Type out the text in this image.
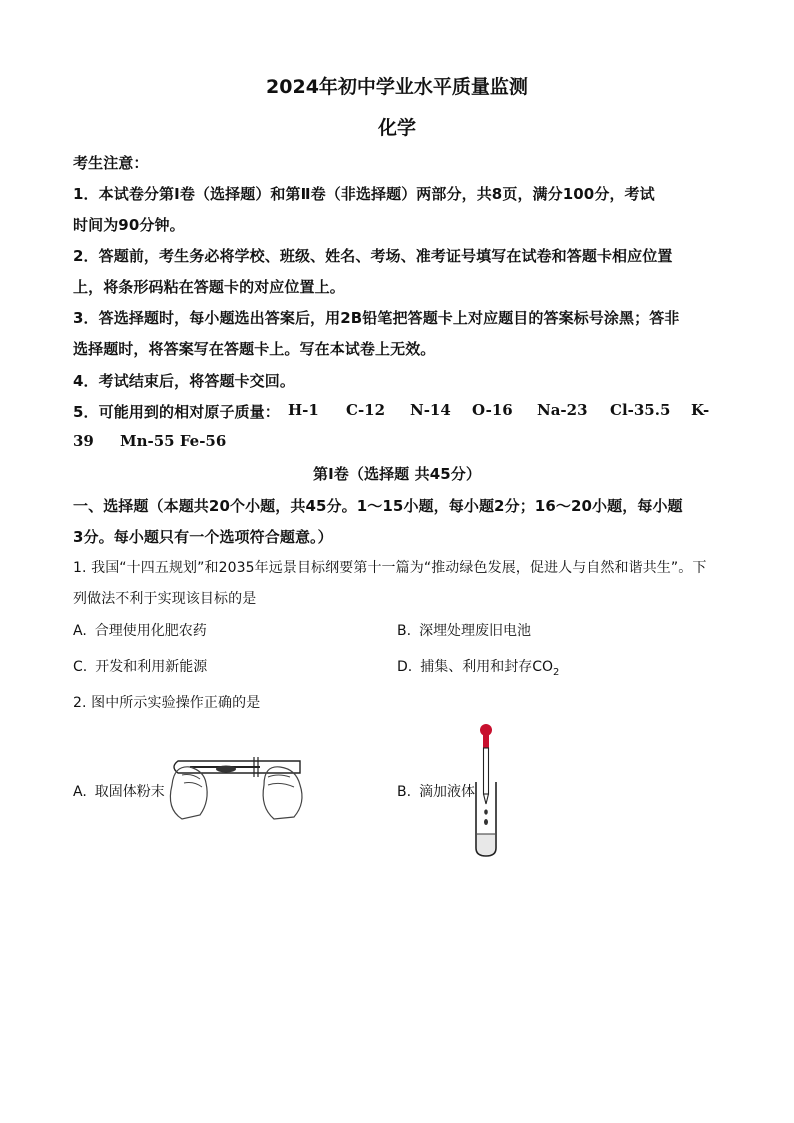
2024年初中学业水平质量监测
化学
考生注意：
1．本试卷分第Ⅰ卷（选择题）和第Ⅱ卷（非选择题）两部分，共8页，满分100分，考试
时间为90分钟。
2．答题前，考生务必将学校、班级、姓名、考场、准考证号填写在试卷和答题卡相应位置
上，将条形码粘在答题卡的对应位置上。
3．答选择题时，每小题选出答案后，用2B铅笔把答题卡上对应题目的答案标号涂黑；答非
选择题时，将答案写在答题卡上。写在本试卷上无效。
4．考试结束后，将答题卡交回。
5．可能用到的相对原子质量： H-1 C-12 N-14 O-16 Na-23 Cl-35.5 K-
39 Mn-55 Fe-56
第Ⅰ卷（选择题 共45分）
一、选择题（本题共20个小题，共45分。1～15小题，每小题2分；16～20小题，每小题
3分。每小题只有一个选项符合题意。）
1. 我国“十四五规划”和2035年远景目标纲要第十一篇为“推动绿色发展，促进人与自然和谐共生”。下
列做法不利于实现该目标的是
A. 合理使用化肥农药	B. 深埋处理废旧电池
C. 开发和利用新能源	D. 捕集、利用和封存$CO_2$
2. 图中所示实验操作正确的是
A. 取固体粉末	B. 滴加液体
